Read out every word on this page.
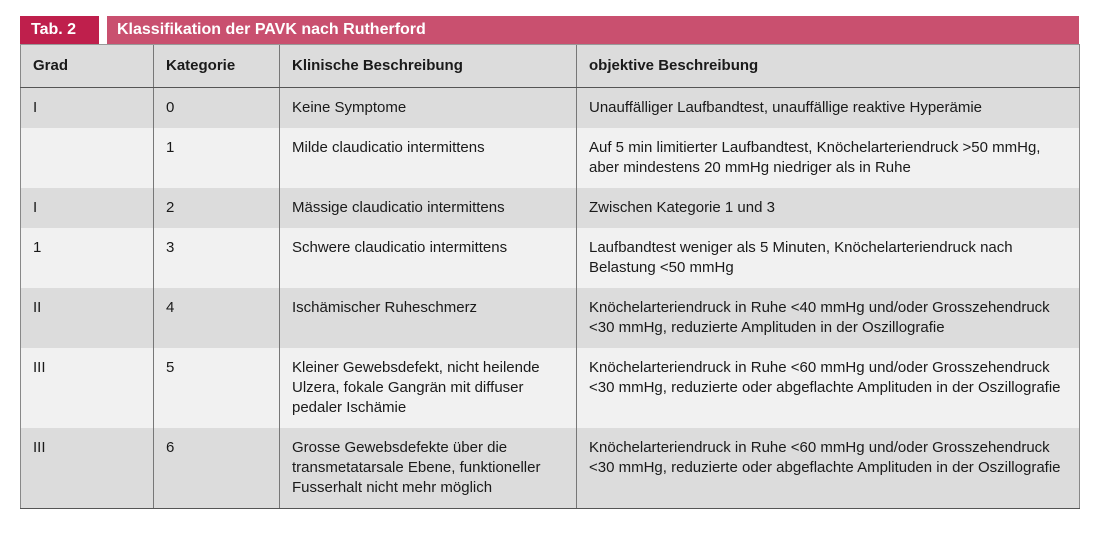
Tab. 2	Klassifikation der PAVK nach Rutherford
Grad	Kategorie	Klinische Beschreibung	objektive Beschreibung
I	0	Keine Symptome	Unauffälliger Laufbandtest, unauffällige reaktive Hyperämie
	1	Milde claudicatio intermittens	Auf 5 min limitierter Laufbandtest, Knöchelarteriendruck >50 mmHg, aber mindestens 20 mmHg niedriger als in Ruhe
I	2	Mässige claudicatio intermittens	Zwischen Kategorie 1 und 3
1	3	Schwere claudicatio intermittens	Laufbandtest weniger als 5 Minuten, Knöchelarteriendruck nach Belastung <50 mmHg
II	4	Ischämischer Ruheschmerz	Knöchelarteriendruck in Ruhe <40 mmHg und/oder Grosszehendruck <30 mmHg, reduzierte Amplituden in der Oszillografie
III	5	Kleiner Gewebsdefekt, nicht heilende Ulzera, fokale Gangrän mit diffuser pedaler Ischämie	Knöchelarteriendruck in Ruhe <60 mmHg und/oder Grosszehendruck <30 mmHg, reduzierte oder abgeflachte Amplituden in der Oszillografie
III	6	Grosse Gewebsdefekte über die transmetatarsale Ebene, funktioneller Fusserhalt nicht mehr möglich	Knöchelarteriendruck in Ruhe <60 mmHg und/oder Grosszehendruck <30 mmHg, reduzierte oder abgeflachte Amplituden in der Oszillografie
